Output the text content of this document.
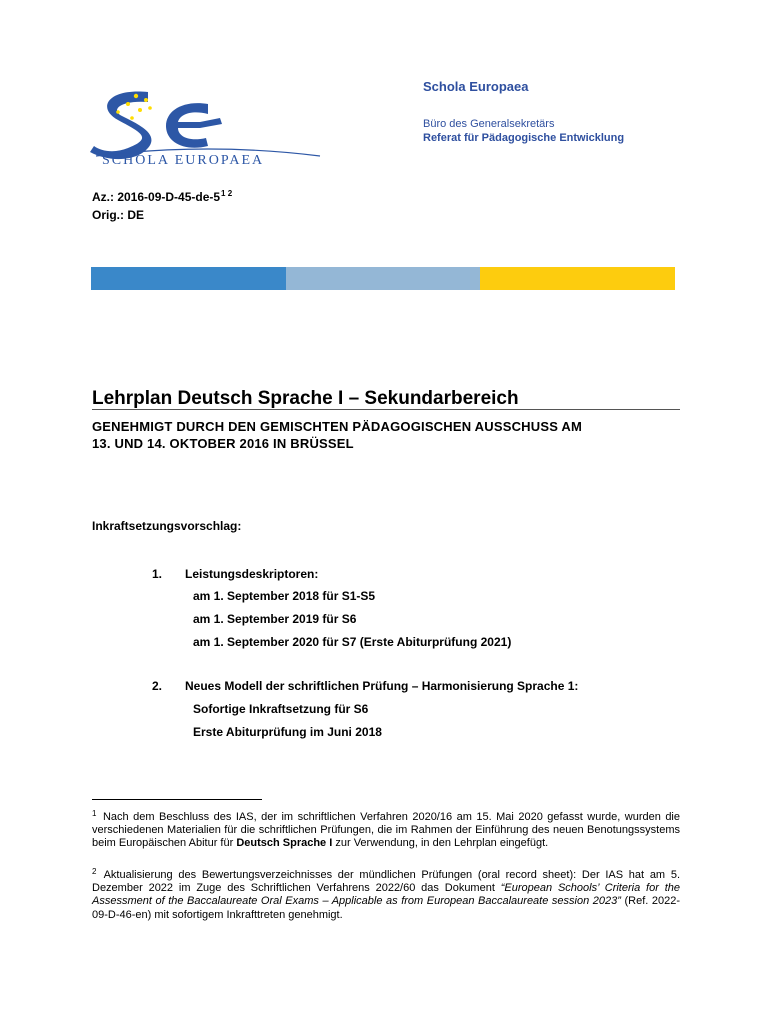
SCHOLA EUROPAEA
Schola Europaea
Büro des Generalsekretärs
Referat für Pädagogische Entwicklung
Az.: $2016-09-D-45-de-5^{1 2}$
Orig.: DE
Lehrplan Deutsch Sprache I – Sekundarbereich
GENEHMIGT DURCH DEN GEMISCHTEN PÄDAGOGISCHEN AUSSCHUSS AM
13. UND 14. OKTOBER 2016 IN BRÜSSEL
Inkraftsetzungsvorschlag:
1. Leistungsdeskriptoren:
am 1. September 2018 für S1-S5
am 1. September 2019 für S6
am 1. September 2020 für S7 (Erste Abiturprüfung 2021)
2. Neues Modell der schriftlichen Prüfung – Harmonisierung Sprache 1:
Sofortige Inkraftsetzung für S6
Erste Abiturprüfung im Juni 2018
$^1$ Nach dem Beschluss des IAS, der im schriftlichen Verfahren 2020/16 am 15. Mai 2020 gefasst wurde, wurden die verschiedenen Materialien für die schriftlichen Prüfungen, die im Rahmen der Einführung des neuen Benotungssystems beim Europäischen Abitur für Deutsch Sprache I zur Verwendung, in den Lehrplan eingefügt.
$^2$ Aktualisierung des Bewertungsverzeichnisses der mündlichen Prüfungen (oral record sheet): Der IAS hat am 5. Dezember 2022 im Zuge des Schriftlichen Verfahrens 2022/60 das Dokument “European Schools’ Criteria for the Assessment of the Baccalaureate Oral Exams – Applicable as from European Baccalaureate session 2023” (Ref. 2022-09-D-46-en) mit sofortigem Inkrafttreten genehmigt.
